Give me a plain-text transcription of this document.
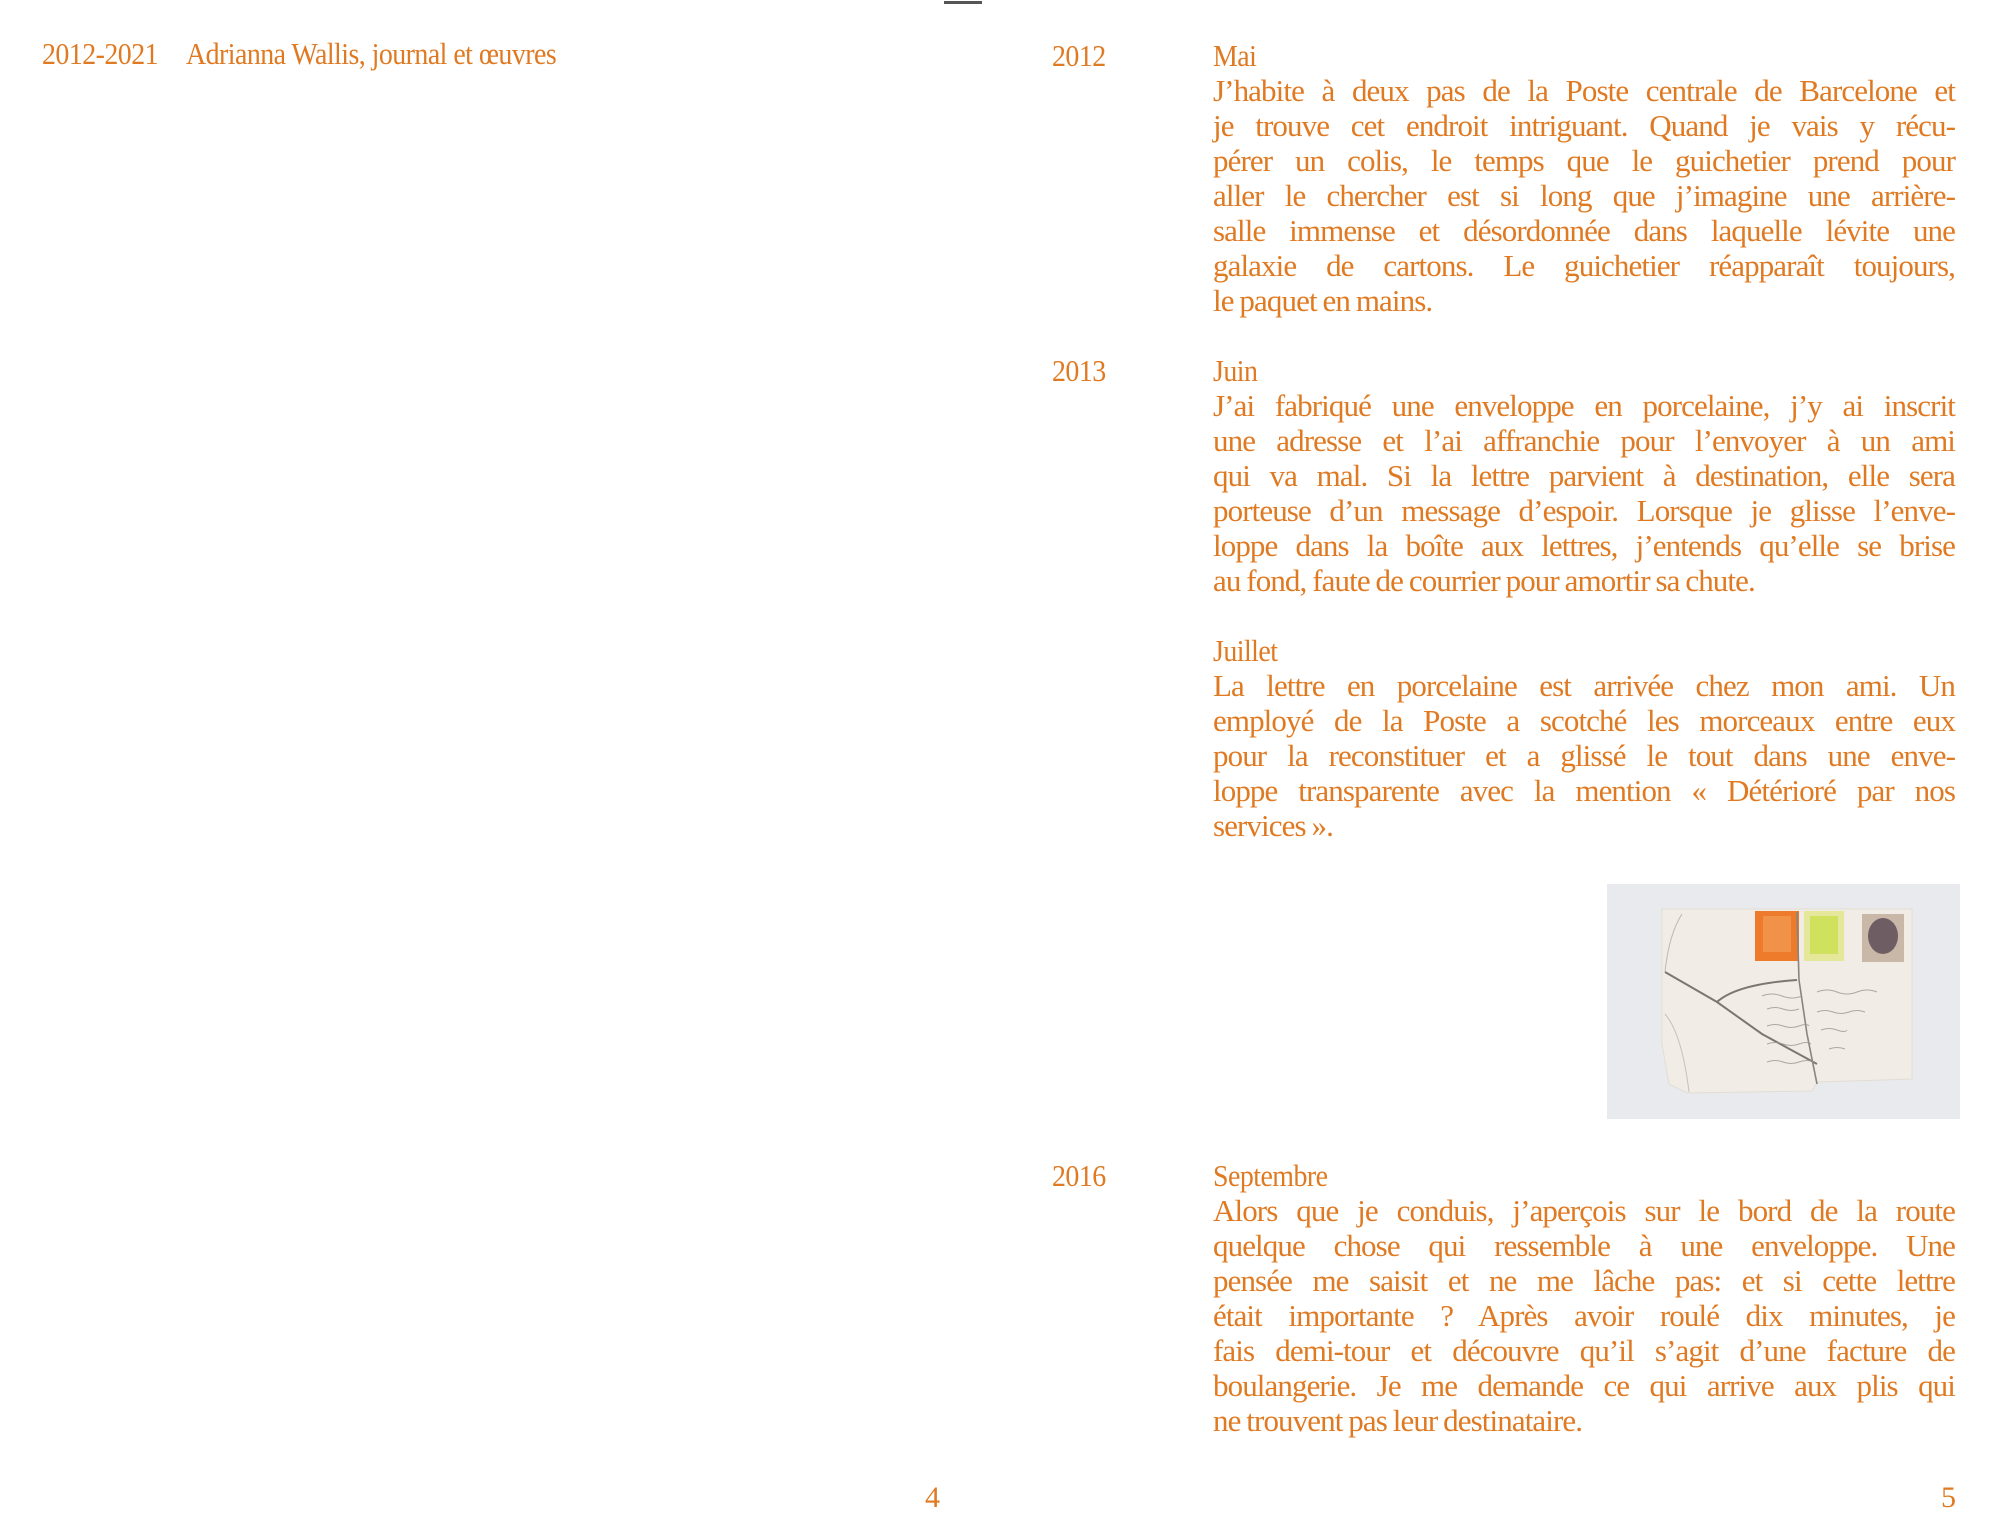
2012-2021 Adrianna Wallis, journal et œuvres
4
2012	Mai
J’habite à deux pas de la Poste centrale de Barcelone et
je trouve cet endroit intriguant. Quand je vais y récu-
pérer un colis, le temps que le guichetier prend pour
aller le chercher est si long que j’imagine une arrière-
salle immense et désordonnée dans laquelle lévite une
galaxie de cartons. Le guichetier réapparaît toujours,
le paquet en mains.
2013	Juin
J’ai fabriqué une enveloppe en porcelaine, j’y ai inscrit
une adresse et l’ai affranchie pour l’envoyer à un ami
qui va mal. Si la lettre parvient à destination, elle sera
porteuse d’un message d’espoir. Lorsque je glisse l’enve-
loppe dans la boîte aux lettres, j’entends qu’elle se brise
au fond, faute de courrier pour amortir sa chute.
Juillet
La lettre en porcelaine est arrivée chez mon ami. Un
employé de la Poste a scotché les morceaux entre eux
pour la reconstituer et a glissé le tout dans une enve-
loppe transparente avec la mention « Détérioré par nos
services ».
2016	Septembre
Alors que je conduis, j’aperçois sur le bord de la route
quelque chose qui ressemble à une enveloppe. Une
pensée me saisit et ne me lâche pas: et si cette lettre
était importante ? Après avoir roulé dix minutes, je
fais demi-tour et découvre qu’il s’agit d’une facture de
boulangerie. Je me demande ce qui arrive aux plis qui
ne trouvent pas leur destinataire.
5
